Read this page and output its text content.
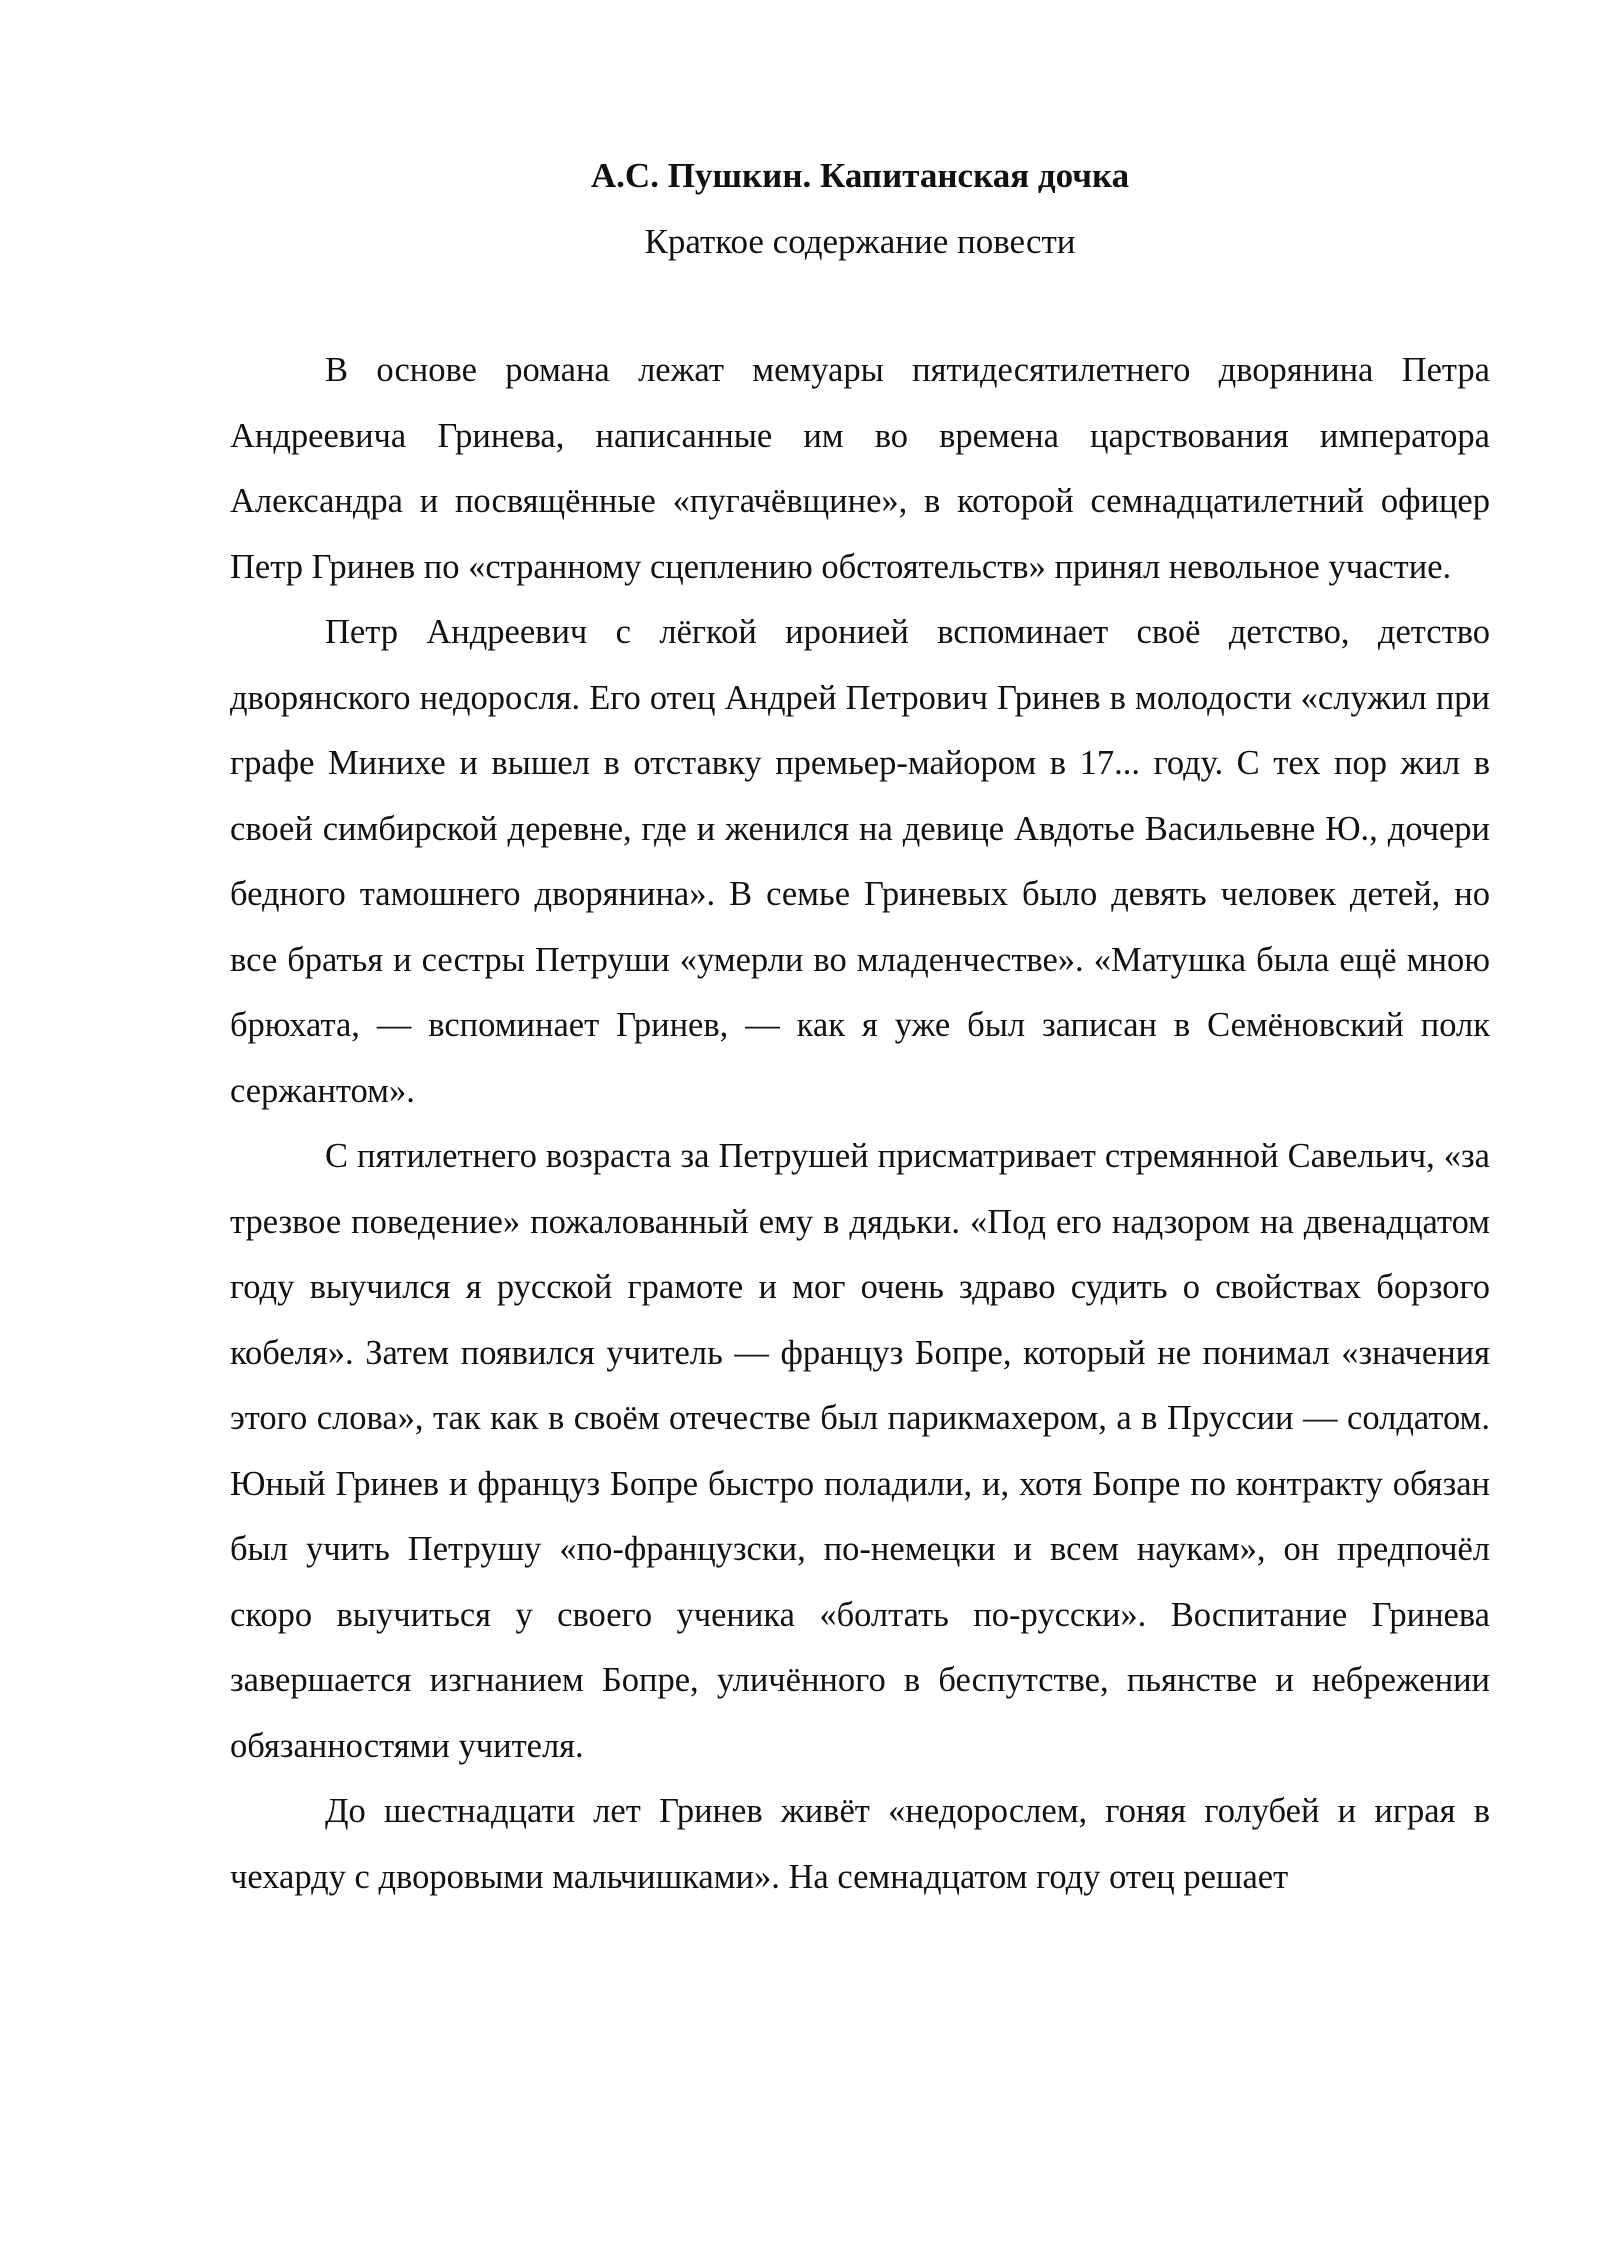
А.С. Пушкин. Капитанская дочка
Краткое содержание повести

В основе романа лежат мемуары пятидесятилетнего дворянина Петра Андреевича Гринева, написанные им во времена царствования императора Александра и посвящённые «пугачёвщине», в которой семнадцатилетний офицер Петр Гринев по «странному сцеплению обстоятельств» принял невольное участие.

Петр Андреевич с лёгкой иронией вспоминает своё детство, детство дворянского недоросля. Его отец Андрей Петрович Гринев в молодости «служил при графе Минихе и вышел в отставку премьер-майором в 17... году. С тех пор жил в своей симбирской деревне, где и женился на девице Авдотье Васильевне Ю., дочери бедного тамошнего дворянина». В семье Гриневых было девять человек детей, но все братья и сестры Петруши «умерли во младенчестве». «Матушка была ещё мною брюхата, — вспоминает Гринев, — как я уже был записан в Семёновский полк сержантом».

С пятилетнего возраста за Петрушей присматривает стремянной Савельич, «за трезвое поведение» пожалованный ему в дядьки. «Под его надзором на двенадцатом году выучился я русской грамоте и мог очень здраво судить о свойствах борзого кобеля». Затем появился учитель — француз Бопре, который не понимал «значения этого слова», так как в своём отечестве был парикмахером, а в Пруссии — солдатом. Юный Гринев и француз Бопре быстро поладили, и, хотя Бопре по контракту обязан был учить Петрушу «по-французски, по-немецки и всем наукам», он предпочёл скоро выучиться у своего ученика «болтать по-русски». Воспитание Гринева завершается изгнанием Бопре, уличённого в беспутстве, пьянстве и небрежении обязанностями учителя.

До шестнадцати лет Гринев живёт «недорослем, гоняя голубей и играя в чехарду с дворовыми мальчишками». На семнадцатом году отец решает
